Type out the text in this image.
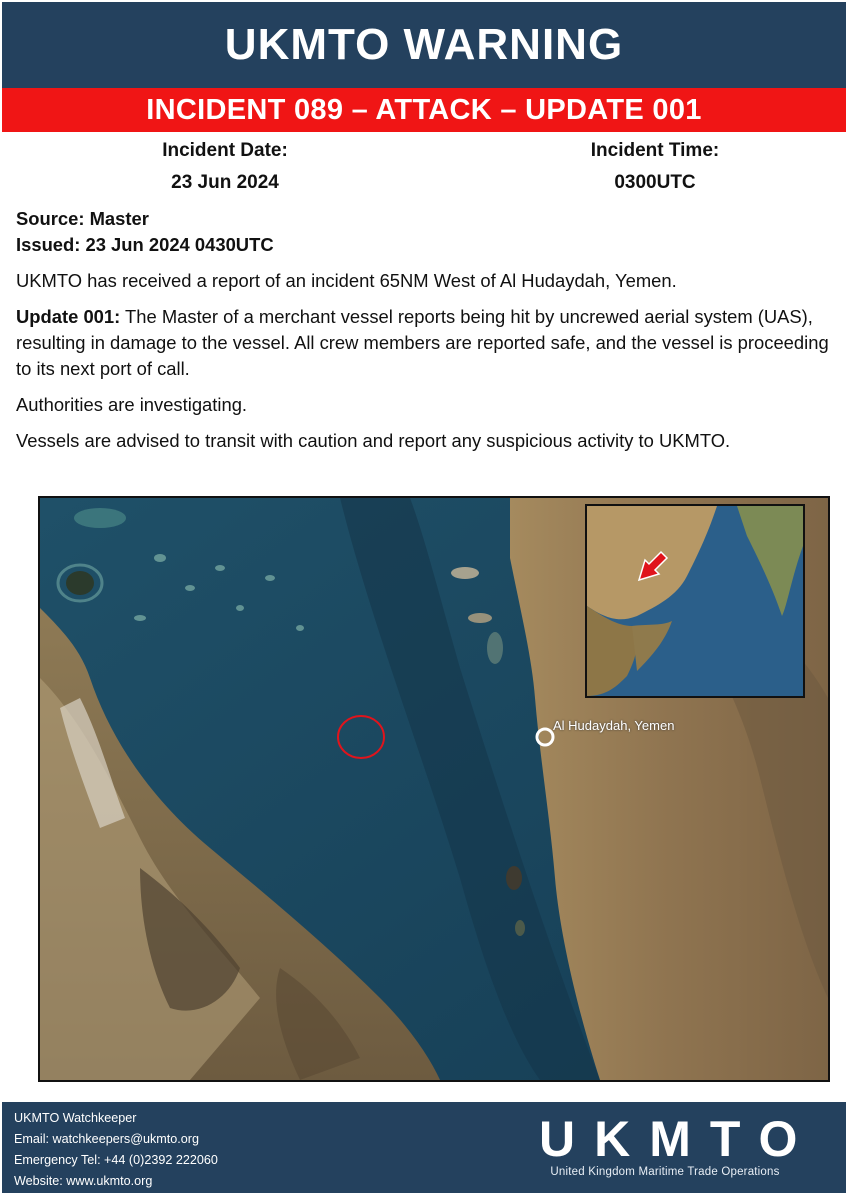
UKMTO WARNING
INCIDENT 089 – ATTACK – UPDATE 001
Incident Date:
23 Jun 2024
Incident Time:
0300UTC
Source: Master
Issued: 23 Jun 2024 0430UTC

UKMTO has received a report of an incident 65NM West of Al Hudaydah, Yemen.

Update 001: The Master of a merchant vessel reports being hit by uncrewed aerial system (UAS), resulting in damage to the vessel. All crew members are reported safe, and the vessel is proceeding to its next port of call.

Authorities are investigating.

Vessels are advised to transit with caution and report any suspicious activity to UKMTO.

Al Hudaydah, Yemen
UKMTO Watchkeeper
Email: watchkeepers@ukmto.org
Emergency Tel: +44 (0)2392 222060
Website: www.ukmto.org
UKMTO
United Kingdom Maritime Trade Operations
